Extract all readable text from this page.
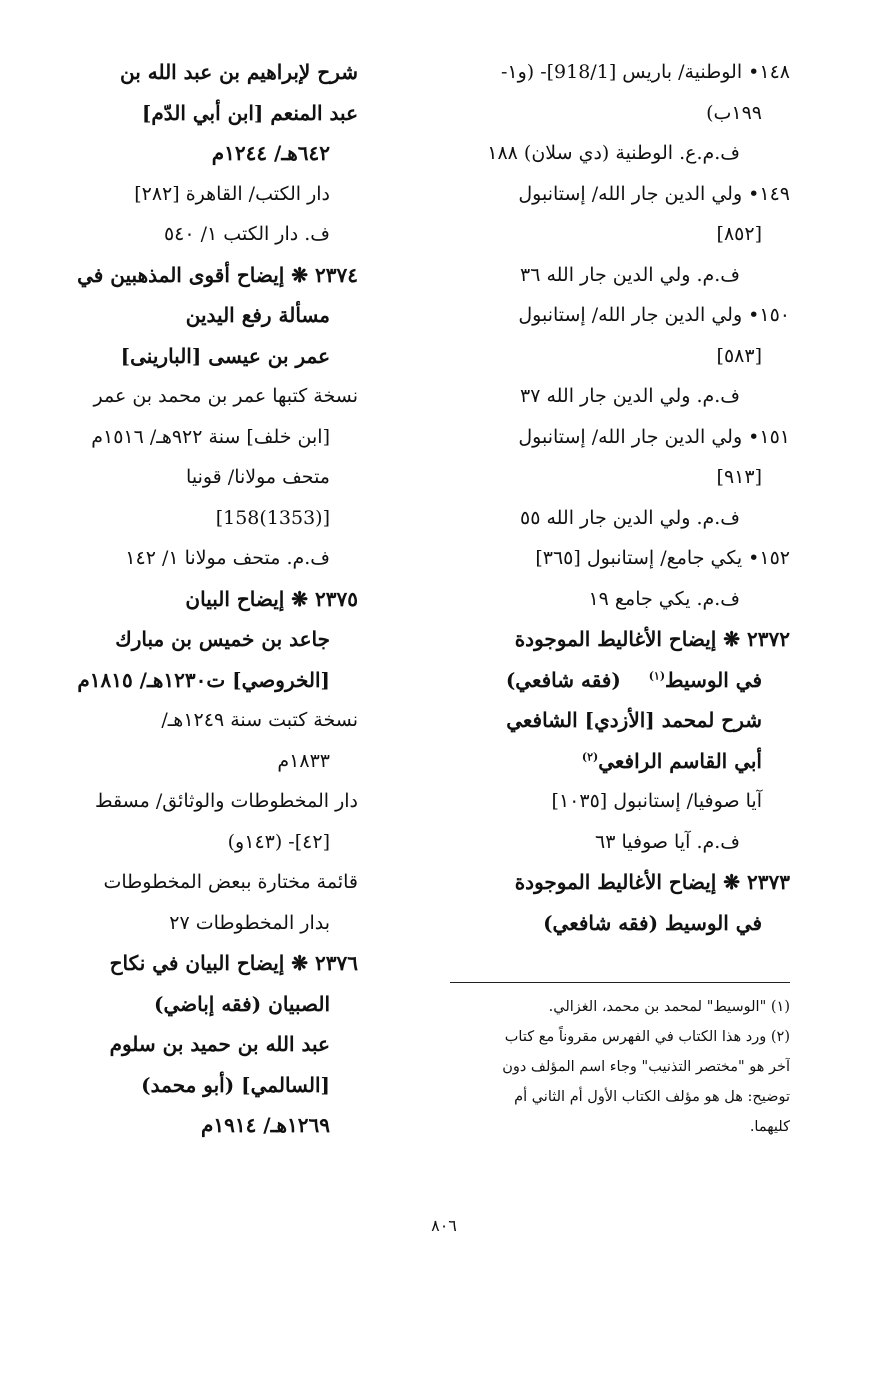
١٤٨• الوطنية/ باريس [918/1]- (و١-
١٩٩ب)
ف.م.ع. الوطنية (دي سلان) ١٨٨
١٤٩• ولي الدين جار الله/ إستانبول
[٨٥٢]
ف.م. ولي الدين جار الله ٣٦
١٥٠• ولي الدين جار الله/ إستانبول
[٥٨٣]
ف.م. ولي الدين جار الله ٣٧
١٥١• ولي الدين جار الله/ إستانبول
[٩١٣]
ف.م. ولي الدين جار الله ٥٥
١٥٢• يكي جامع/ إستانبول [٣٦٥]
ف.م. يكي جامع ١٩
٢٣٧٢ ❋ إيضاح الأغاليط الموجودة
في الوسيط$^{(١)}$    (فقه شافعي)
شرح لمحمد [الأزدي] الشافعي
أبي القاسم الرافعي$^{(٢)}$
آيا صوفيا/ إستانبول [١٠٣٥]
ف.م. آيا صوفيا ٦٣
٢٣٧٣ ❋ إيضاح الأغاليط الموجودة
في الوسيط (فقه شافعي)
شرح لإبراهيم بن عبد الله بن
عبد المنعم [ابن أبي الدّم]
٦٤٢هـ/ ١٢٤٤م
دار الكتب/ القاهرة [٢٨٢]
ف. دار الكتب ١/ ٥٤٠
٢٣٧٤ ❋ إيضاح أقوى المذهبين في
مسألة رفع اليدين
عمر بن عيسى [البارينى]
نسخة كتبها عمر بن محمد بن عمر
[ابن خلف] سنة ٩٢٢هـ/ ١٥١٦م
متحف مولانا/ قونيا
[(1353)158]
ف.م. متحف مولانا ١/ ١٤٢
٢٣٧٥ ❋ إيضاح البيان
جاعد بن خميس بن مبارك
[الخروصي] ت١٢٣٠هـ/ ١٨١٥م
نسخة كتبت سنة ١٢٤٩هـ/
١٨٣٣م
دار المخطوطات والوثائق/ مسقط
[٤٢]- (١٤٣و)
قائمة مختارة ببعض المخطوطات
بدار المخطوطات ٢٧
٢٣٧٦ ❋ إيضاح البيان في نكاح
الصبيان (فقه إباضي)
عبد الله بن حميد بن سلوم
[السالمي] (أبو محمد)
١٢٦٩هـ/ ١٩١٤م
(١) "الوسيط" لمحمد بن محمد، الغزالي.
(٢) ورد هذا الكتاب في الفهرس مقروناً مع كتاب
آخر هو "مختصر التذنيب" وجاء اسم المؤلف دون
توضيح: هل هو مؤلف الكتاب الأول أم الثاني أم
كليهما.
٨٠٦
